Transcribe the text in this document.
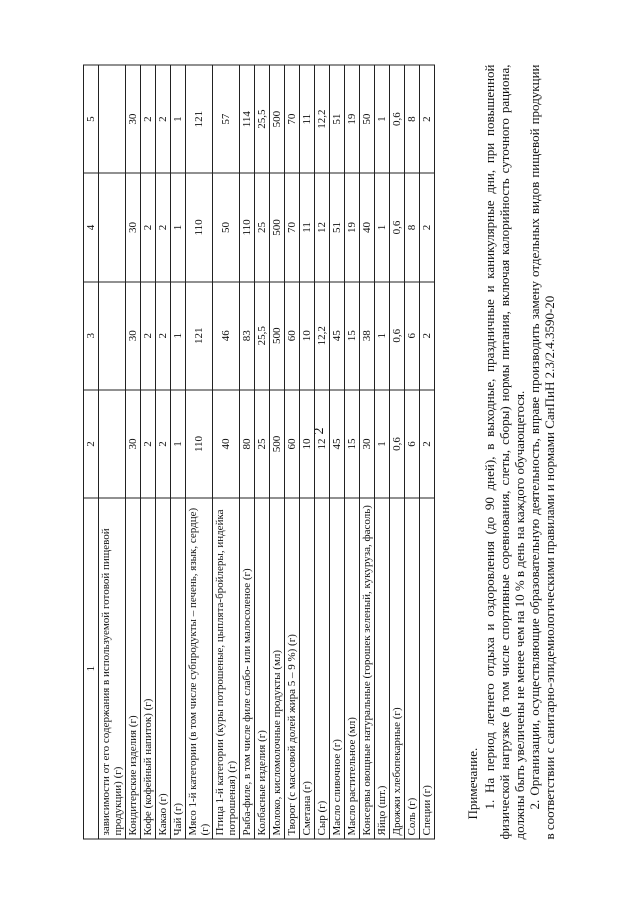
2
1	2	3	4	5
зависимости от его содержания в используемой готовой пищевой продукции) (г)				
Кондитерские изделия (г)	30	30	30	30
Кофе (кофейный напиток) (г)	2	2	2	2
Какао (г)	2	2	2	2
Чай (г)	1	1	1	1
Мясо 1-й категории (в том числе субпродукты – печень, язык, сердце) (г)	110	121	110	121
Птица 1-й категории (куры потрошеные, цыплята-бройлеры, индейка потрошеная) (г)	40	46	50	57
Рыба-филе, в том числе филе слабо- или малосоленое (г)	80	83	110	114
Колбасные изделия (г)	25	25,5	25	25,5
Молоко, кисломолочные продукты (мл)	500	500	500	500
Творог (с массовой долей жира 5 – 9 %) (г)	60	60	70	70
Сметана (г)	10	10	11	11
Сыр (г)	12	12,2	12	12,2
Масло сливочное (г)	45	45	51	51
Масло растительное (мл)	15	15	19	19
Консервы овощные натуральные (горошек зеленый, кукуруза, фасоль)	30	38	40	50
Яйцо (шт.)	1	1	1	1
Дрожжи хлебопекарные (г)	0,6	0,6	0,6	0,6
Соль (г)	6	6	8	8
Специи (г)	2	2	2	2

Примечание. 1. На период летнего отдыха и оздоровления (до 90 дней), в выходные, праздничные и каникулярные дни, при повышенной физической нагрузке (в том числе спортивные соревнования, слеты, сборы) нормы питания, включая калорийность суточного рациона, должны быть увеличены не менее чем на 10 % в день на каждого обучающегося. 2. Организации, осуществляющие образовательную деятельность, вправе производить замену отдельных видов пищевой продукции в соответствии с санитарно-эпидемиологическими правилами и нормами СанПиН 2.3/2.4.3590-20
